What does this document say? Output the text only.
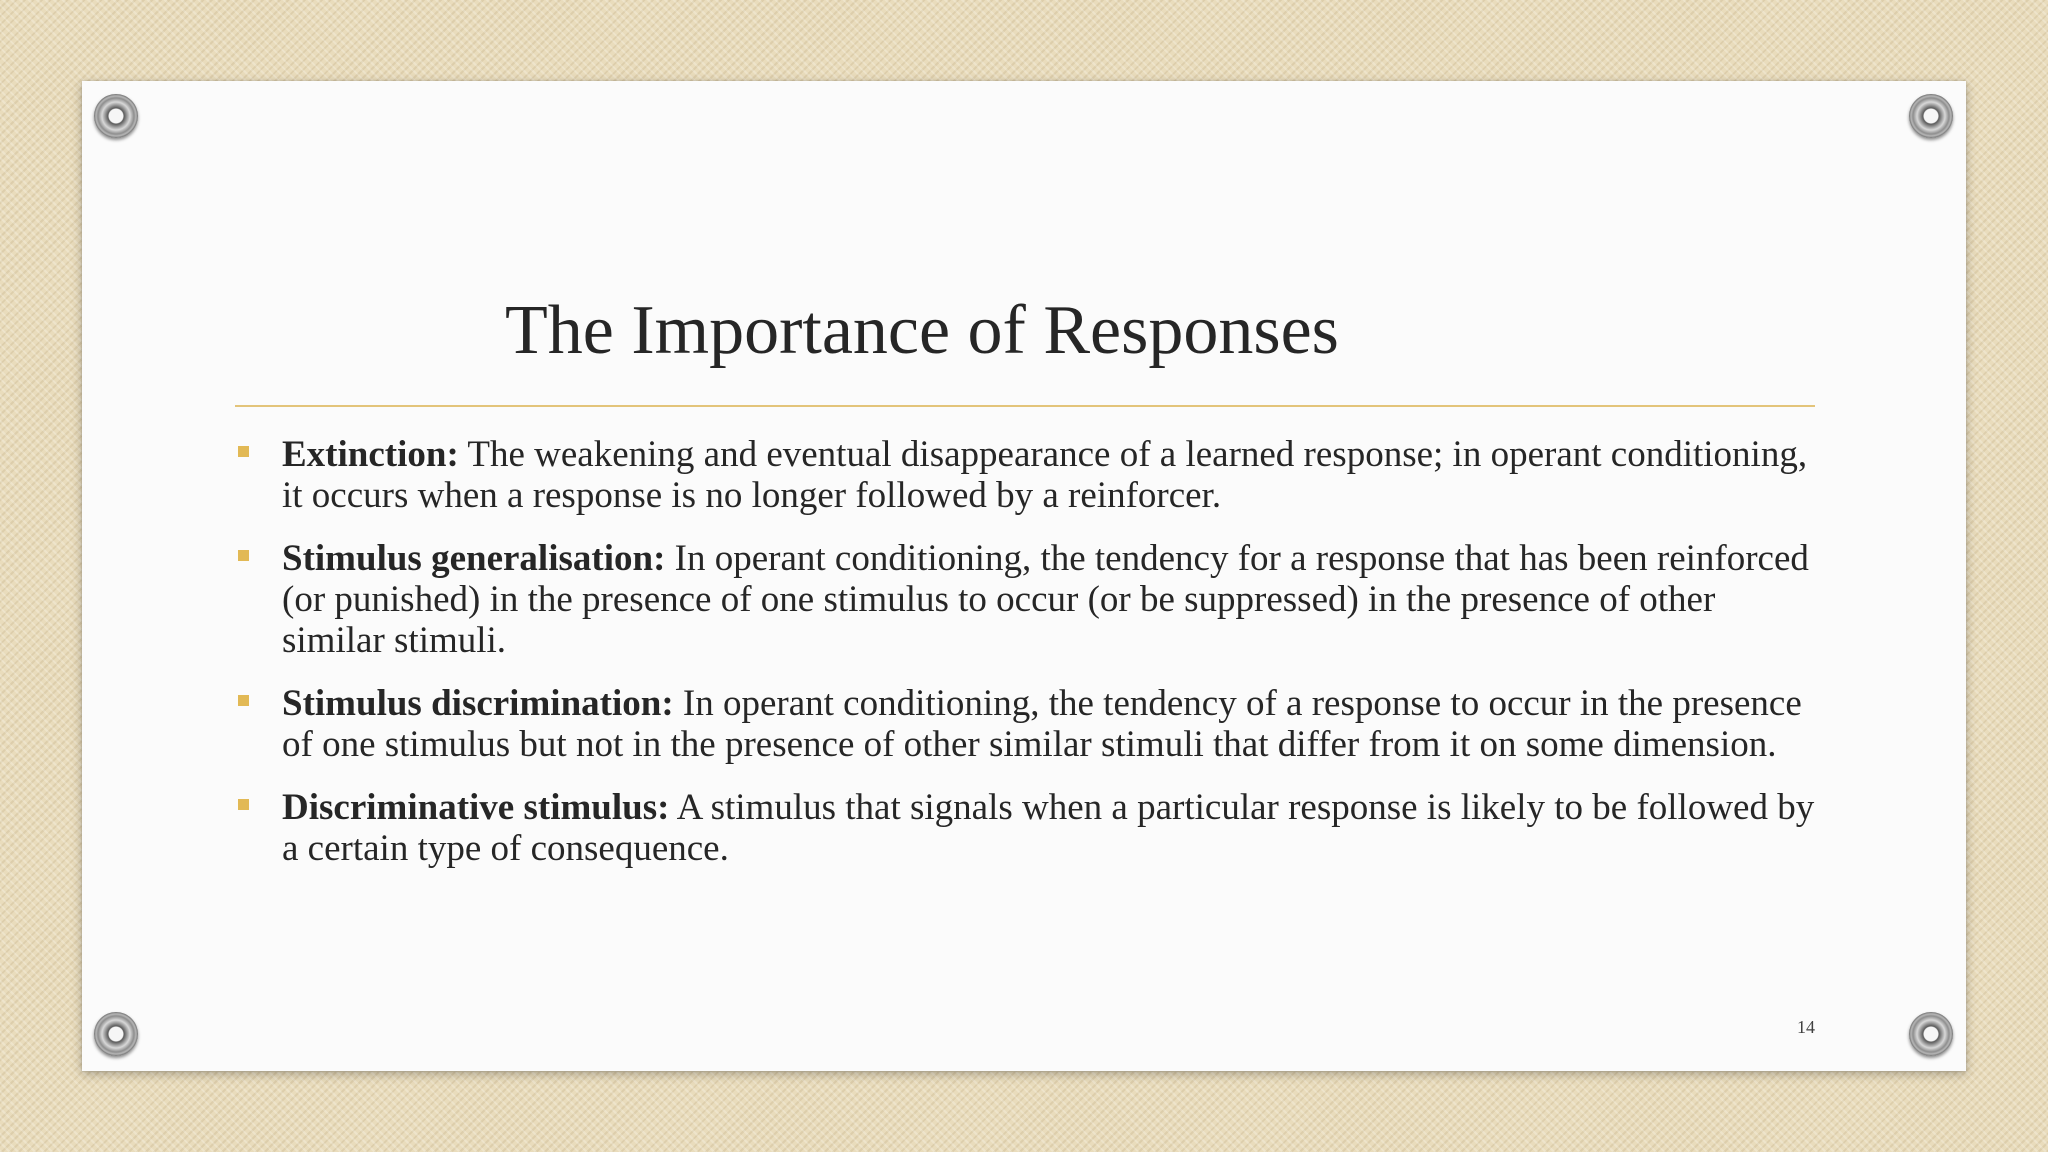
The Importance of Responses
Extinction: The weakening and eventual disappearance of a learned response; in operant conditioning, it occurs when a response is no longer followed by a reinforcer.
Stimulus generalisation: In operant conditioning, the tendency for a response that has been reinforced (or punished) in the presence of one stimulus to occur (or be suppressed) in the presence of other similar stimuli.
Stimulus discrimination: In operant conditioning, the tendency of a response to occur in the presence of one stimulus but not in the presence of other similar stimuli that differ from it on some dimension.
Discriminative stimulus: A stimulus that signals when a particular response is likely to be followed by a certain type of consequence.
14
